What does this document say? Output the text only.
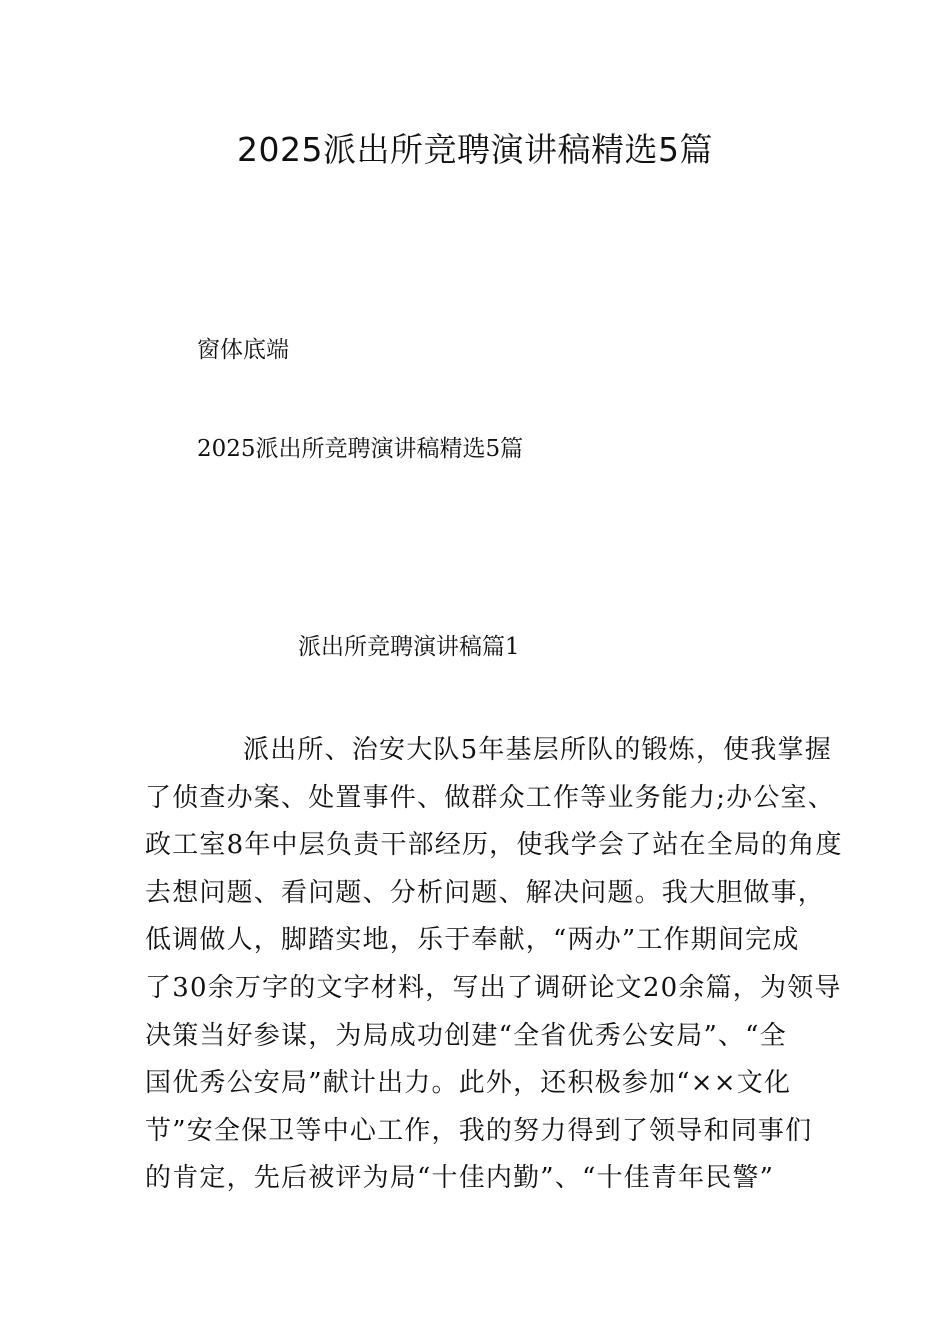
2025派出所竞聘演讲稿精选5篇

窗体底端

2025派出所竞聘演讲稿精选5篇

派出所竞聘演讲稿篇1

派出所、治安大队5年基层所队的锻炼，使我掌握
了侦查办案、处置事件、做群众工作等业务能力;办公室、
政工室8年中层负责干部经历，使我学会了站在全局的角度
去想问题、看问题、分析问题、解决问题。我大胆做事，
低调做人，脚踏实地，乐于奉献，“两办”工作期间完成
了30余万字的文字材料，写出了调研论文20余篇，为领导
决策当好参谋，为局成功创建“全省优秀公安局”、“全
国优秀公安局”献计出力。此外，还积极参加“××文化
节”安全保卫等中心工作，我的努力得到了领导和同事们
的肯定，先后被评为局“十佳内勤”、“十佳青年民警”
